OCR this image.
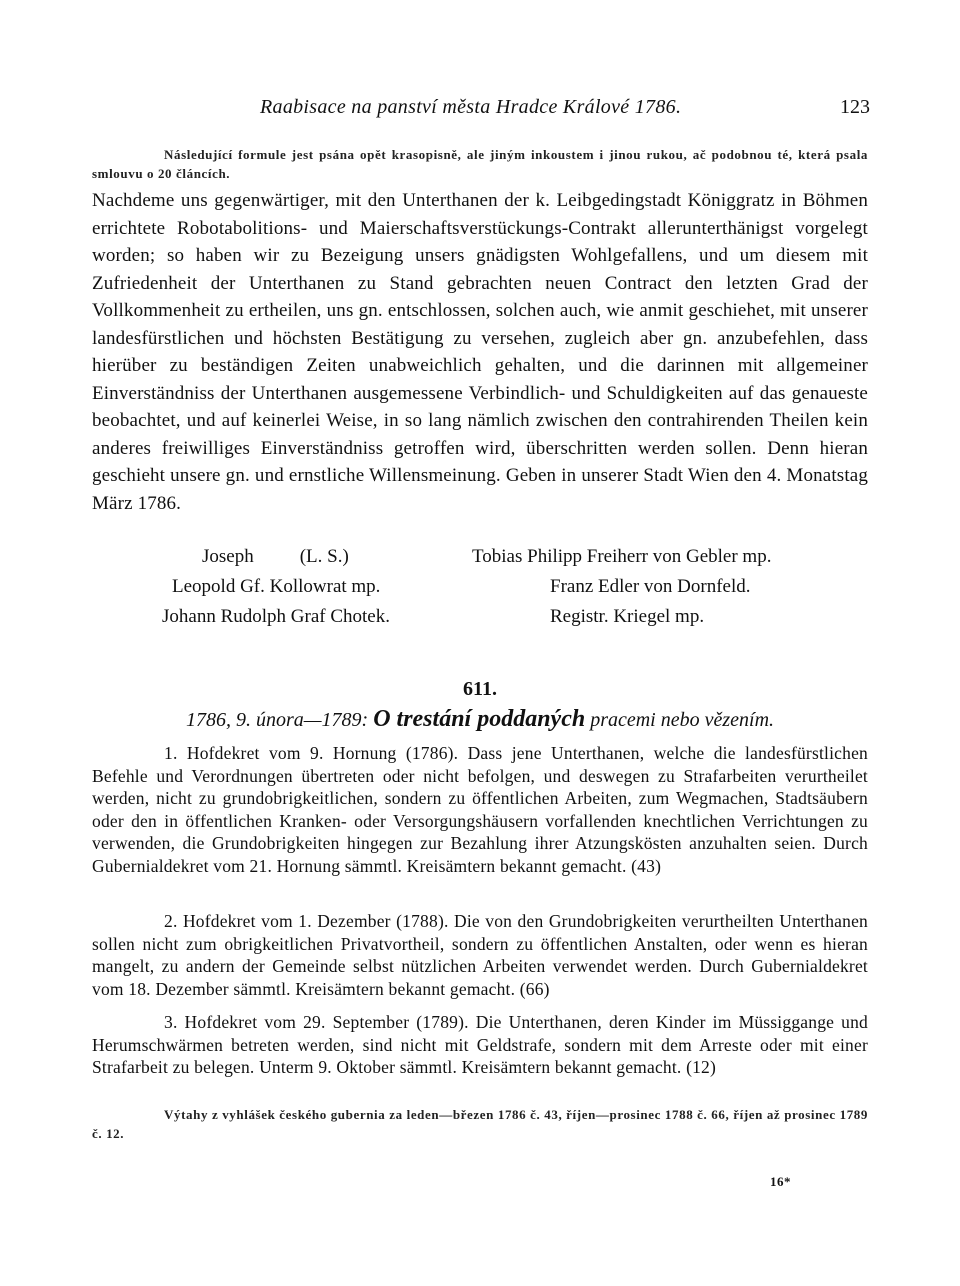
Raabisace na panství města Hradce Králové 1786.	123
Následující formule jest psána opět krasopisně, ale jiným inkoustem i jinou rukou, ač podobnou té, která psala smlouvu o 20 článcích.
Nachdeme uns gegenwärtiger, mit den Unterthanen der k. Leibgedingstadt Königgratz in Böhmen errichtete Robotabolitions- und Maierschaftsverstückungs-Contrakt allerunterthänigst vorgelegt worden; so haben wir zu Bezeigung unsers gnädigsten Wohlgefallens, und um diesem mit Zufriedenheit der Unterthanen zu Stand gebrachten neuen Contract den letzten Grad der Vollkommenheit zu ertheilen, uns gn. entschlossen, solchen auch, wie anmit geschiehet, mit unserer landesfürstlichen und höchsten Bestätigung zu versehen, zugleich aber gn. anzubefehlen, dass hierüber zu beständigen Zeiten unabweichlich gehalten, und die darinnen mit allgemeiner Einverständniss der Unterthanen ausgemessene Verbindlich- und Schuldigkeiten auf das genaueste beobachtet, und auf keinerlei Weise, in so lang nämlich zwischen den contrahirenden Theilen kein anderes freiwilliges Einverständniss getroffen wird, überschritten werden sollen. Denn hieran geschieht unsere gn. und ernstliche Willensmeinung. Geben in unserer Stadt Wien den 4. Monatstag März 1786.
Joseph (L. S.)
Leopold Gf. Kollowrat mp.
Johann Rudolph Graf Chotek.
Tobias Philipp Freiherr von Gebler mp.
Franz Edler von Dornfeld.
Registr. Kriegel mp.
611.
1786, 9. února—1789: O trestání poddaných pracemi nebo vězením.
1. Hofdekret vom 9. Hornung (1786). Dass jene Unterthanen, welche die landesfürstlichen Befehle und Verordnungen übertreten oder nicht befolgen, und deswegen zu Strafarbeiten verurtheilet werden, nicht zu grundobrigkeitlichen, sondern zu öffentlichen Arbeiten, zum Wegmachen, Stadtsäubern oder den in öffentlichen Kranken- oder Versorgungshäusern vorfallenden knechtlichen Verrichtungen zu verwenden, die Grundobrigkeiten hingegen zur Bezahlung ihrer Atzungskösten anzuhalten seien. Durch Gubernialdekret vom 21. Hornung sämmtl. Kreisämtern bekannt gemacht. (43)
2. Hofdekret vom 1. Dezember (1788). Die von den Grundobrigkeiten verurtheilten Unterthanen sollen nicht zum obrigkeitlichen Privatvortheil, sondern zu öffentlichen Anstalten, oder wenn es hieran mangelt, zu andern der Gemeinde selbst nützlichen Arbeiten verwendet werden. Durch Gubernialdekret vom 18. Dezember sämmtl. Kreisämtern bekannt gemacht. (66)
3. Hofdekret vom 29. September (1789). Die Unterthanen, deren Kinder im Müssiggange und Herumschwärmen betreten werden, sind nicht mit Geldstrafe, sondern mit dem Arreste oder mit einer Strafarbeit zu belegen. Unterm 9. Oktober sämmtl. Kreisämtern bekannt gemacht. (12)
Výtahy z vyhlášek českého gubernia za leden—březen 1786 č. 43, říjen—prosinec 1788 č. 66, říjen až prosinec 1789 č. 12.
16*
